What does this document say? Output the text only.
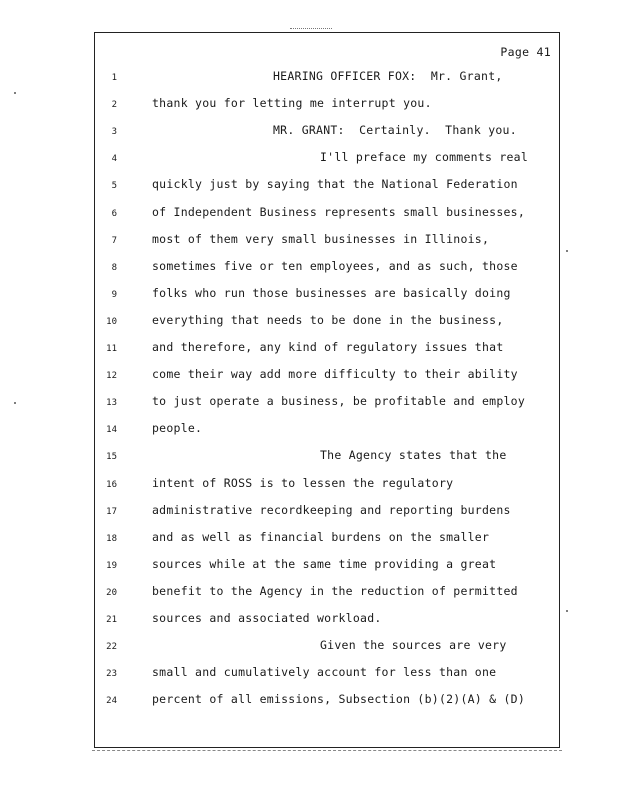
Page 41
1	HEARING OFFICER FOX:  Mr. Grant,
2	thank you for letting me interrupt you.
3	MR. GRANT:  Certainly.  Thank you.
4	I'll preface my comments real
5	quickly just by saying that the National Federation
6	of Independent Business represents small businesses,
7	most of them very small businesses in Illinois,
8	sometimes five or ten employees, and as such, those
9	folks who run those businesses are basically doing
10	everything that needs to be done in the business,
11	and therefore, any kind of regulatory issues that
12	come their way add more difficulty to their ability
13	to just operate a business, be profitable and employ
14	people.
15	The Agency states that the
16	intent of ROSS is to lessen the regulatory
17	administrative recordkeeping and reporting burdens
18	and as well as financial burdens on the smaller
19	sources while at the same time providing a great
20	benefit to the Agency in the reduction of permitted
21	sources and associated workload.
22	Given the sources are very
23	small and cumulatively account for less than one
24	percent of all emissions, Subsection (b)(2)(A) & (D)
